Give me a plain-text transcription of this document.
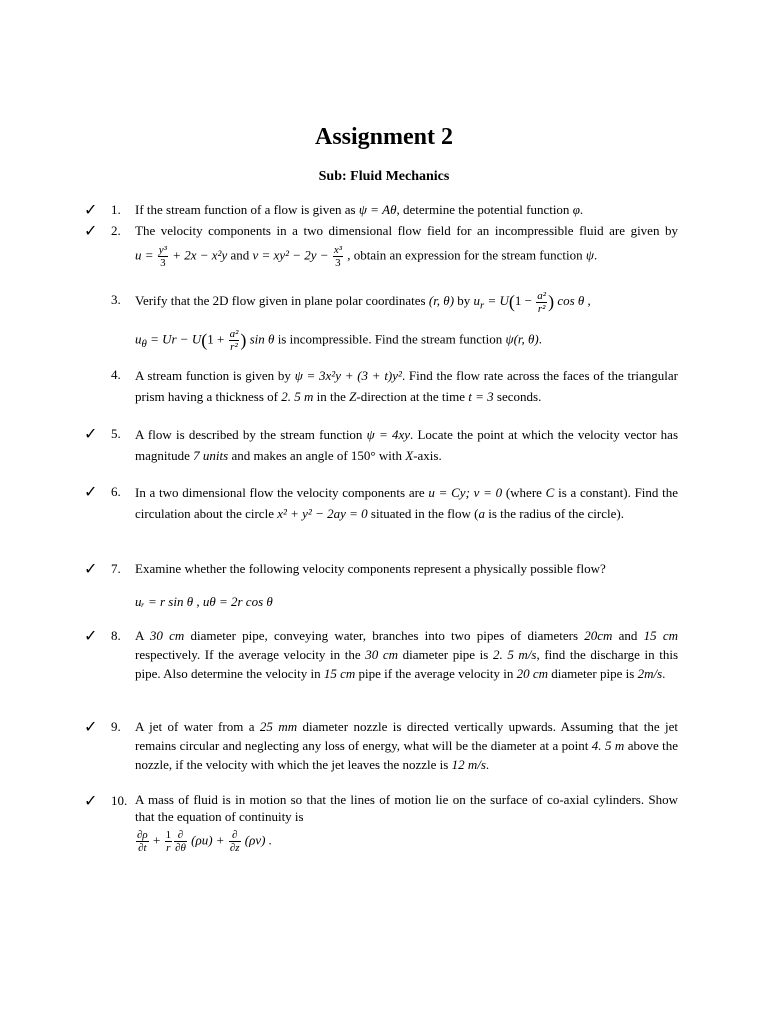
Assignment 2
Sub: Fluid Mechanics
✓ 1. If the stream function of a flow is given as ψ = Aθ, determine the potential function φ.
✓ 2. The velocity components in a two dimensional flow field for an incompressible fluid are given by
$u = \frac{\text{y³}}{3} + 2x - x^2y$ and $v = xy^2 - 2y - \frac{\text{x³}}{3}$ , obtain an expression for the stream function ψ.
3. Verify that the 2D flow given in plane polar coordinates (r, θ) by $u_r = U(1 - \frac{\text{a²}}{\text{r²}}$ ) cos θ ,
$u_\theta = Ur - U(1 + \frac{\text{a²}}{\text{r²}}$ ) sin θ is incompressible. Find the stream function ψ(r, θ).
4. A stream function is given by ψ = 3x²y + (3 + t)y². Find the flow rate across the faces of the triangular prism having a thickness of 2. 5 m in the Z-direction at the time t = 3 seconds.
✓ 5. A flow is described by the stream function ψ = 4xy. Locate the point at which the velocity vector has magnitude 7 units and makes an angle of 150° with X-axis.
✓ 6. In a two dimensional flow the velocity components are u = Cy; v = 0 (where C is a constant). Find the circulation about the circle x² + y² − 2ay = 0 situated in the flow (a is the radius of the circle).
✓ 7. Examine whether the following velocity components represent a physically possible flow?
uᵣ = r sin θ , uθ = 2r cos θ
✓ 8. A 30 cm diameter pipe, conveying water, branches into two pipes of diameters 20cm and 15 cm respectively. If the average velocity in the 30 cm diameter pipe is 2. 5 m/s, find the discharge in this pipe. Also determine the velocity in 15 cm pipe if the average velocity in 20 cm diameter pipe is 2m/s.
✓ 9. A jet of water from a 25 mm diameter nozzle is directed vertically upwards. Assuming that the jet remains circular and neglecting any loss of energy, what will be the diameter at a point 4. 5 m above the nozzle, if the velocity with which the jet leaves the nozzle is 12 m/s.
✓ 10. A mass of fluid is in motion so that the lines of motion lie on the surface of co-axial cylinders. Show that the equation of continuity is
$\frac{\partial\rho}{\partial t} + \frac{1}{r} \frac{\partial}{\partial\theta} (\rho u) + \frac{\partial}{\partial z} (\rho v)$ .
